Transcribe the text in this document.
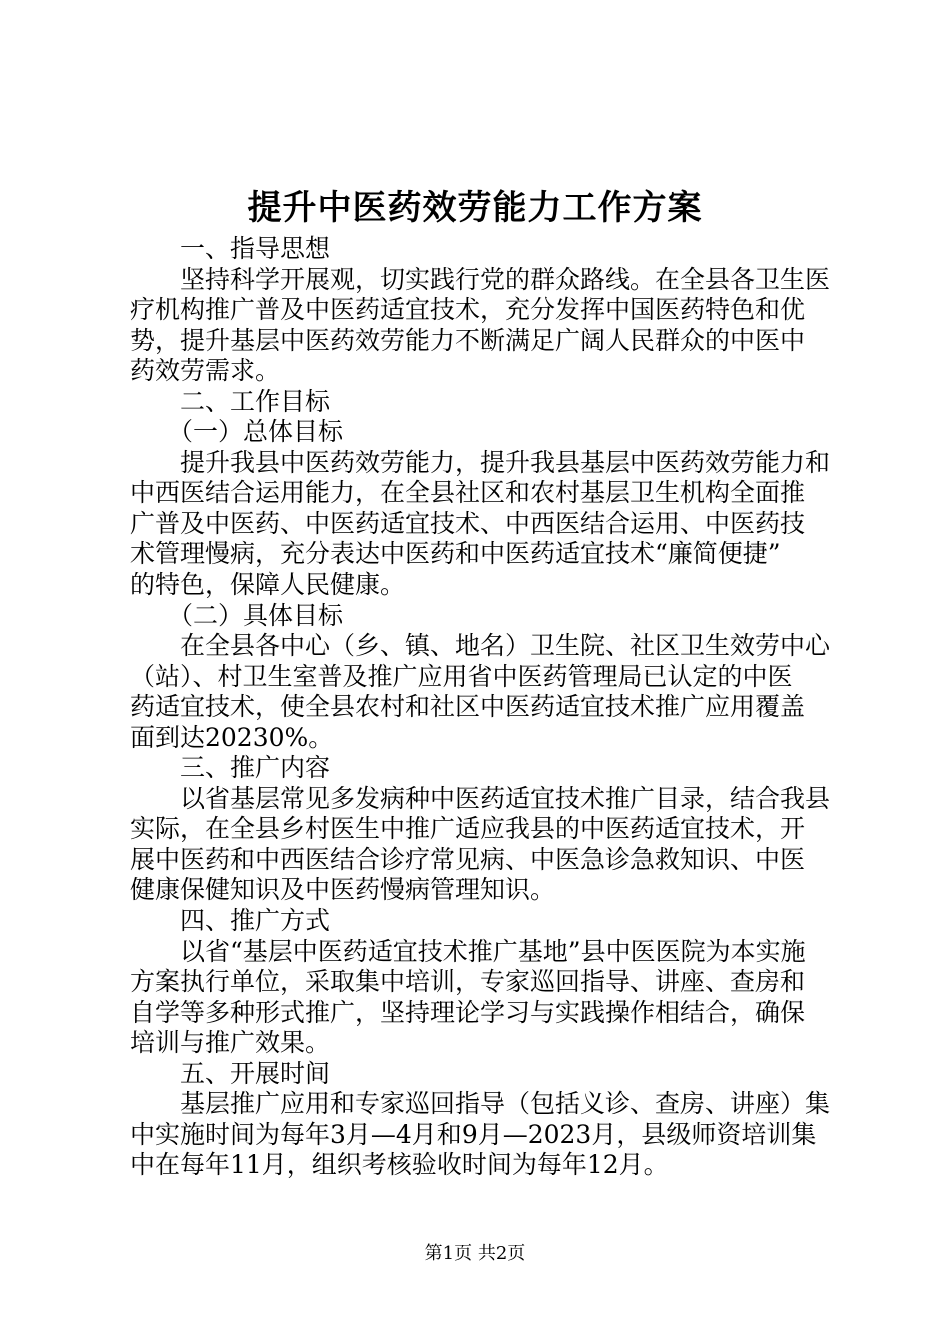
提升中医药效劳能力工作方案
一、指导思想
坚持科学开展观，切实践行党的群众路线。在全县各卫生医
疗机构推广普及中医药适宜技术，充分发挥中国医药特色和优
势，提升基层中医药效劳能力不断满足广阔人民群众的中医中
药效劳需求。
二、工作目标
（一）总体目标
提升我县中医药效劳能力，提升我县基层中医药效劳能力和
中西医结合运用能力，在全县社区和农村基层卫生机构全面推
广普及中医药、中医药适宜技术、中西医结合运用、中医药技
术管理慢病，充分表达中医药和中医药适宜技术“廉简便捷”
的特色，保障人民健康。
（二）具体目标
在全县各中心（乡、镇、地名）卫生院、社区卫生效劳中心
（站）、村卫生室普及推广应用省中医药管理局已认定的中医
药适宜技术，使全县农村和社区中医药适宜技术推广应用覆盖
面到达20230%。
三、推广内容
以省基层常见多发病种中医药适宜技术推广目录，结合我县
实际，在全县乡村医生中推广适应我县的中医药适宜技术，开
展中医药和中西医结合诊疗常见病、中医急诊急救知识、中医
健康保健知识及中医药慢病管理知识。
四、推广方式
以省“基层中医药适宜技术推广基地”县中医医院为本实施
方案执行单位，采取集中培训，专家巡回指导、讲座、查房和
自学等多种形式推广，坚持理论学习与实践操作相结合，确保
培训与推广效果。
五、开展时间
基层推广应用和专家巡回指导（包括义诊、查房、讲座）集
中实施时间为每年3月—4月和9月—2023月，县级师资培训集
中在每年11月，组织考核验收时间为每年12月。
第1页 共2页
